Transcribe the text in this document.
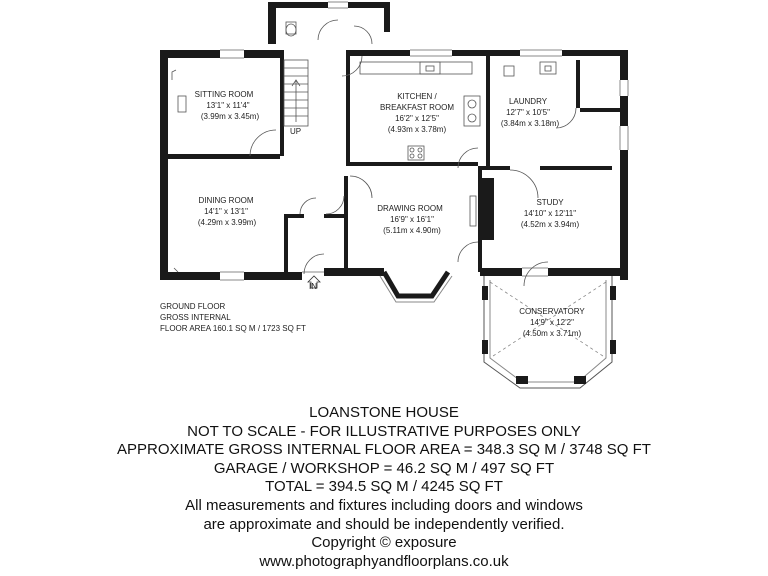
UP
SITTING ROOM
13'1" x 11'4"
(3.99m x 3.45m)
KITCHEN /
BREAKFAST ROOM
16'2" x 12'5"
(4.93m x 3.78m)
LAUNDRY
12'7" x 10'5"
(3.84m x 3.18m)
DINING ROOM
14'1" x 13'1"
(4.29m x 3.99m)
DRAWING ROOM
16'9" x 16'1"
(5.11m x 4.90m)
STUDY
14'10" x 12'11"
(4.52m x 3.94m)
CONSERVATORY
14'9" x 12'2"
(4.50m x 3.71m)
IN
GROUND FLOOR
GROSS INTERNAL
FLOOR AREA 160.1 SQ M / 1723 SQ FT
LOANSTONE HOUSE
NOT TO SCALE - FOR ILLUSTRATIVE PURPOSES ONLY
APPROXIMATE GROSS INTERNAL FLOOR AREA = 348.3 SQ M / 3748 SQ FT
GARAGE / WORKSHOP = 46.2 SQ M / 497 SQ FT
TOTAL = 394.5 SQ M / 4245 SQ FT
All measurements and fixtures including doors and windows
are approximate and should be independently verified.
Copyright © exposure
www.photographyandfloorplans.co.uk
